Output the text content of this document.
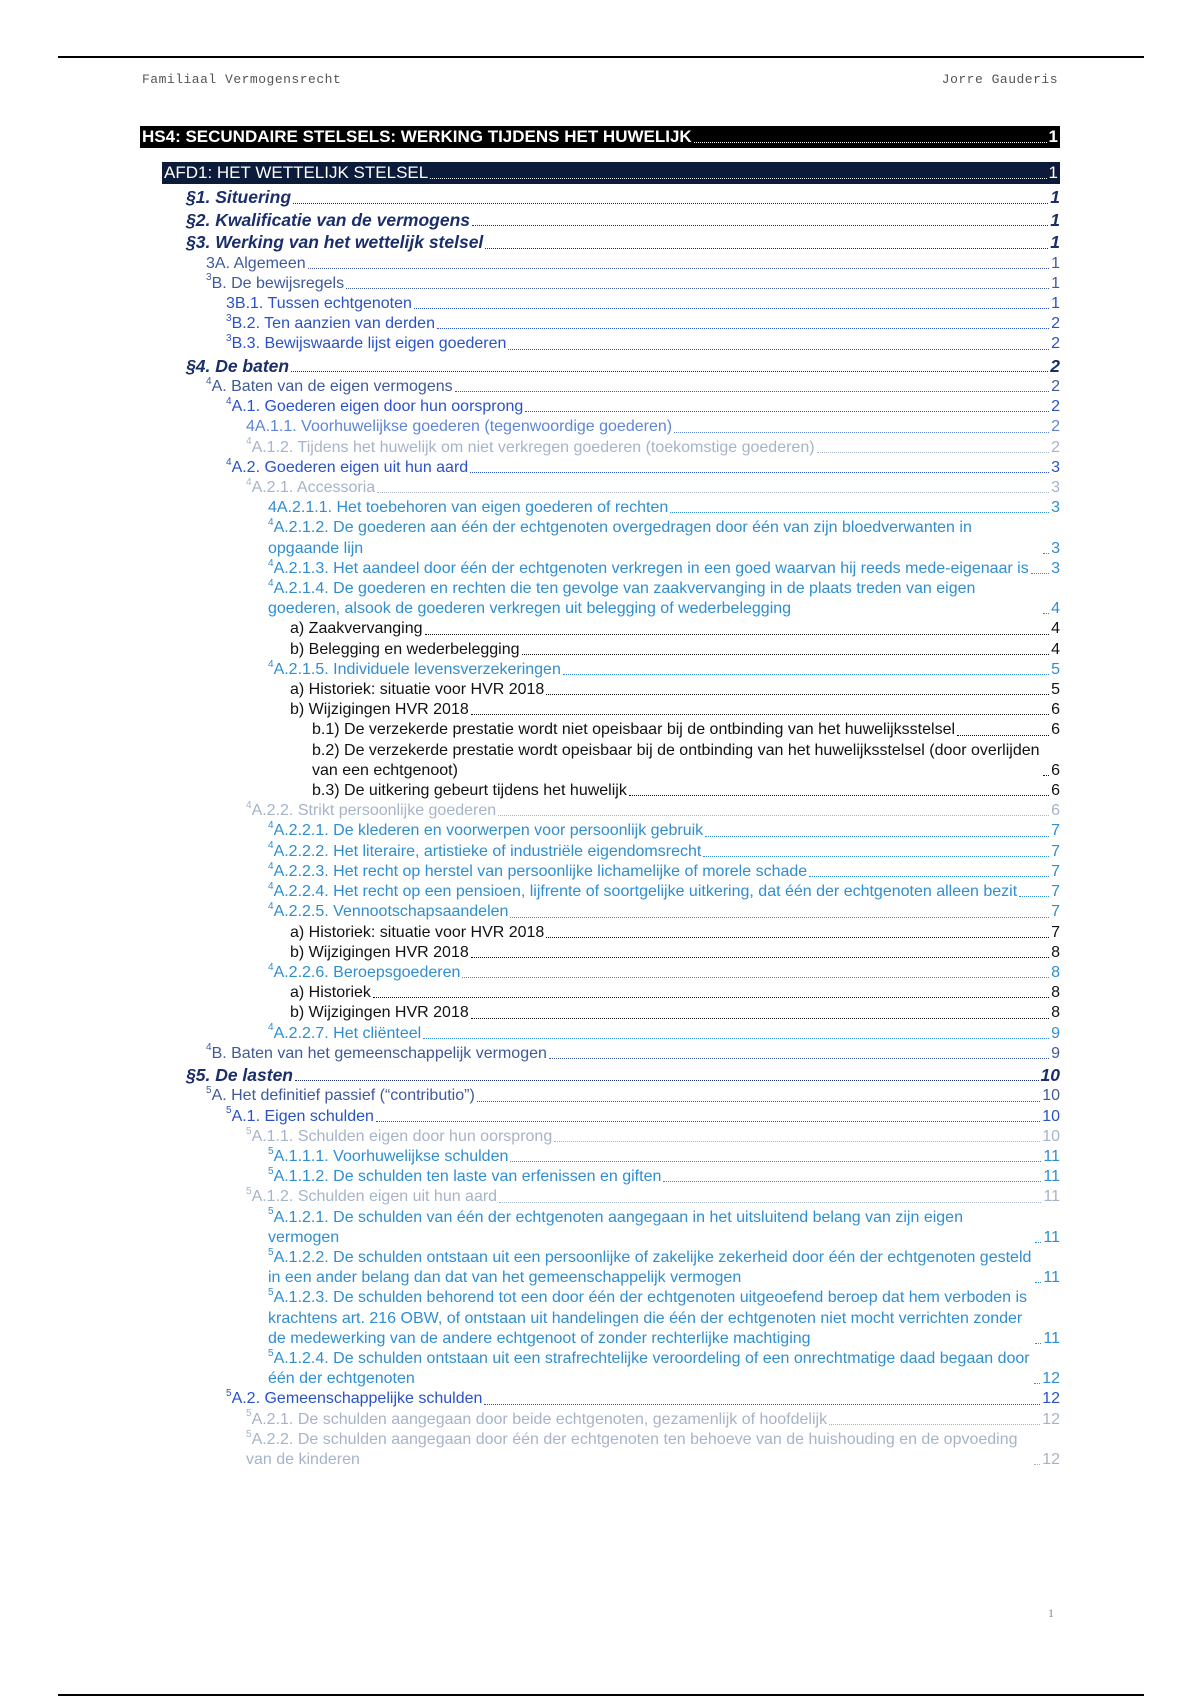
Familiaal Vermogensrecht	Jorre Gauderis
HS4: SECUNDAIRE STELSELS: WERKING TIJDENS HET HUWELIJK	1
AFD1: HET WETTELIJK STELSEL	1
§1. Situering	1
§2. Kwalificatie van de vermogens	1
§3. Werking van het wettelijk stelsel	1
3A. Algemeen	1
$^3$B. De bewijsregels	1
3B.1. Tussen echtgenoten	1
$^3$B.2. Ten aanzien van derden	2
$^3$B.3. Bewijswaarde lijst eigen goederen	2
§4. De baten	2
$^4$A. Baten van de eigen vermogens	2
$^4$A.1. Goederen eigen door hun oorsprong	2
4A.1.1. Voorhuwelijkse goederen (tegenwoordige goederen)	2
$^4$A.1.2. Tijdens het huwelijk om niet verkregen goederen (toekomstige goederen)	2
$^4$A.2. Goederen eigen uit hun aard	3
$^4$A.2.1. Accessoria	3
4A.2.1.1. Het toebehoren van eigen goederen of rechten	3
$^4$A.2.1.2. De goederen aan één der echtgenoten overgedragen door één van zijn bloedverwanten in opgaande lijn	3
$^4$A.2.1.3. Het aandeel door één der echtgenoten verkregen in een goed waarvan hij reeds mede-eigenaar is 3
$^4$A.2.1.4. De goederen en rechten die ten gevolge van zaakvervanging in de plaats treden van eigen goederen, alsook de goederen verkregen uit belegging of wederbelegging	4
a) Zaakvervanging	4
b) Belegging en wederbelegging	4
$^4$A.2.1.5. Individuele levensverzekeringen	5
a) Historiek: situatie voor HVR 2018	5
b) Wijzigingen HVR 2018	6
b.1) De verzekerde prestatie wordt niet opeisbaar bij de ontbinding van het huwelijksstelsel	6
b.2) De verzekerde prestatie wordt opeisbaar bij de ontbinding van het huwelijksstelsel (door overlijden van een echtgenoot)	6
b.3) De uitkering gebeurt tijdens het huwelijk	6
$^4$A.2.2. Strikt persoonlijke goederen	6
$^4$A.2.2.1. De klederen en voorwerpen voor persoonlijk gebruik	7
$^4$A.2.2.2. Het literaire, artistieke of industriële eigendomsrecht	7
$^4$A.2.2.3. Het recht op herstel van persoonlijke lichamelijke of morele schade	7
$^4$A.2.2.4. Het recht op een pensioen, lijfrente of soortgelijke uitkering, dat één der echtgenoten alleen bezit 7
$^4$A.2.2.5. Vennootschapsaandelen	7
a) Historiek: situatie voor HVR 2018	7
b) Wijzigingen HVR 2018	8
$^4$A.2.2.6. Beroepsgoederen	8
a) Historiek	8
b) Wijzigingen HVR 2018	8
$^4$A.2.2.7. Het cliënteel	9
$^4$B. Baten van het gemeenschappelijk vermogen	9
§5. De lasten	10
$^5$A. Het definitief passief (“contributio”)	10
$^5$A.1. Eigen schulden	10
$^5$A.1.1. Schulden eigen door hun oorsprong	10
$^5$A.1.1.1. Voorhuwelijkse schulden	11
$^5$A.1.1.2. De schulden ten laste van erfenissen en giften	11
$^5$A.1.2. Schulden eigen uit hun aard	11
$^5$A.1.2.1. De schulden van één der echtgenoten aangegaan in het uitsluitend belang van zijn eigen vermogen	11
$^5$A.1.2.2. De schulden ontstaan uit een persoonlijke of zakelijke zekerheid door één der echtgenoten gesteld in een ander belang dan dat van het gemeenschappelijk vermogen	11
$^5$A.1.2.3. De schulden behorend tot een door één der echtgenoten uitgeoefend beroep dat hem verboden is krachtens art. 216 OBW, of ontstaan uit handelingen die één der echtgenoten niet mocht verrichten zonder de medewerking van de andere echtgenoot of zonder rechterlijke machtiging	11
$^5$A.1.2.4. De schulden ontstaan uit een strafrechtelijke veroordeling of een onrechtmatige daad begaan door één der echtgenoten	12
$^5$A.2. Gemeenschappelijke schulden	12
$^5$A.2.1. De schulden aangegaan door beide echtgenoten, gezamenlijk of hoofdelijk	12
$^5$A.2.2. De schulden aangegaan door één der echtgenoten ten behoeve van de huishouding en de opvoeding van de kinderen	12
1
